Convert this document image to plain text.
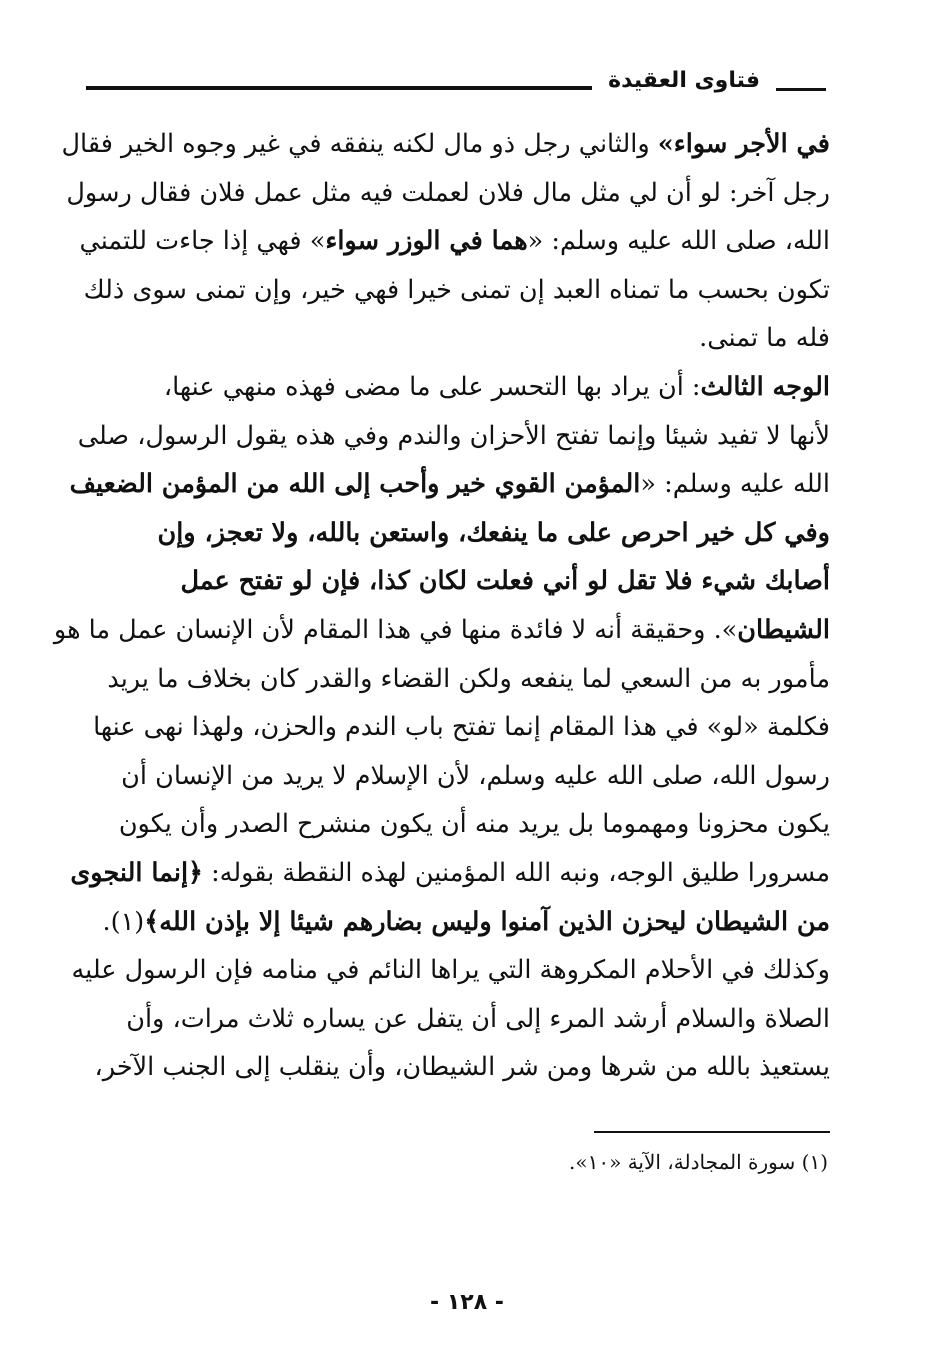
فتاوى العقيدة
في الأجر سواء» والثاني رجل ذو مال لكنه ينفقه في غير وجوه الخير فقال
رجل آخر: لو أن لي مثل مال فلان لعملت فيه مثل عمل فلان فقال رسول
الله، صلى الله عليه وسلم: «هما في الوزر سواء» فهي إذا جاءت للتمني
تكون بحسب ما تمناه العبد إن تمنى خيرا فهي خير، وإن تمنى سوى ذلك
فله ما تمنى.
الوجه الثالث: أن يراد بها التحسر على ما مضى فهذه منهي عنها،
لأنها لا تفيد شيئا وإنما تفتح الأحزان والندم وفي هذه يقول الرسول، صلى
الله عليه وسلم: «المؤمن القوي خير وأحب إلى الله من المؤمن الضعيف
وفي كل خير احرص على ما ينفعك، واستعن بالله، ولا تعجز، وإن
أصابك شيء فلا تقل لو أني فعلت لكان كذا، فإن لو تفتح عمل
الشيطان». وحقيقة أنه لا فائدة منها في هذا المقام لأن الإنسان عمل ما هو
مأمور به من السعي لما ينفعه ولكن القضاء والقدر كان بخلاف ما يريد
فكلمة «لو» في هذا المقام إنما تفتح باب الندم والحزن، ولهذا نهى عنها
رسول الله، صلى الله عليه وسلم، لأن الإسلام لا يريد من الإنسان أن
يكون محزونا ومهموما بل يريد منه أن يكون منشرح الصدر وأن يكون
مسرورا طليق الوجه، ونبه الله المؤمنين لهذه النقطة بقوله: ﴿إنما النجوى
من الشيطان ليحزن الذين آمنوا وليس بضارهم شيئا إلا بإذن الله﴾(١).
وكذلك في الأحلام المكروهة التي يراها النائم في منامه فإن الرسول عليه
الصلاة والسلام أرشد المرء إلى أن يتفل عن يساره ثلاث مرات، وأن
يستعيذ بالله من شرها ومن شر الشيطان، وأن ينقلب إلى الجنب الآخر،
(١) سورة المجادلة، الآية «١٠».
- ١٢٨ -
